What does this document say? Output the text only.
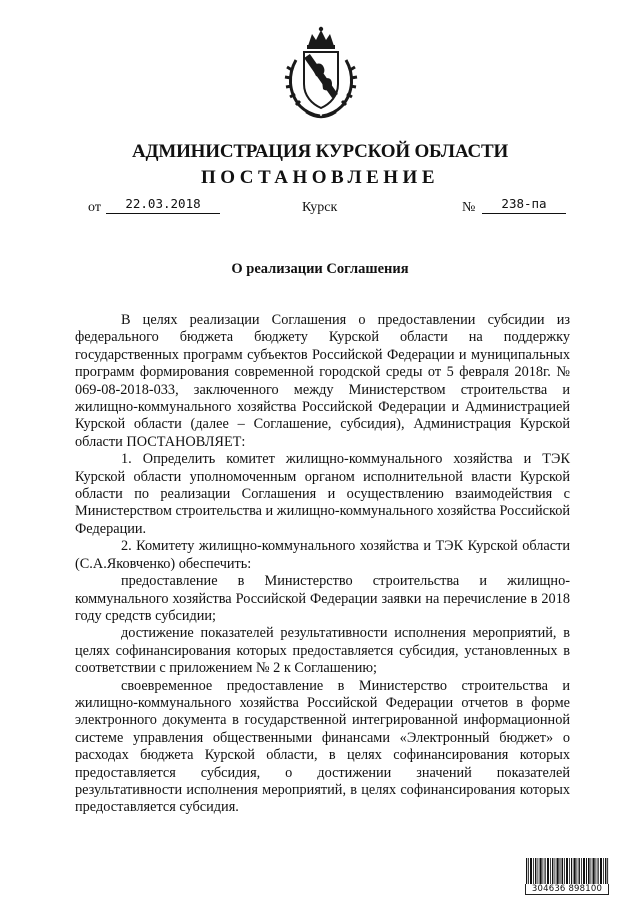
АДМИНИСТРАЦИЯ КУРСКОЙ ОБЛАСТИ
ПОСТАНОВЛЕНИЕ
от	22.03.2018	Курск	№	238-па
О реализации Соглашения

В целях реализации Соглашения о предоставлении субсидии из федерального бюджета бюджету Курской области на поддержку государственных программ субъектов Российской Федерации и муниципальных программ формирования современной городской среды от 5 февраля 2018г. № 069-08-2018-033, заключенного между Министерством строительства и жилищно-коммунального хозяйства Российской Федерации и Администрацией Курской области (далее – Соглашение, субсидия), Администрация Курской области ПОСТАНОВЛЯЕТ:

1. Определить комитет жилищно-коммунального хозяйства и ТЭК Курской области уполномоченным органом исполнительной власти Курской области по реализации Соглашения и осуществлению взаимодействия с Министерством строительства и жилищно-коммунального хозяйства Российской Федерации.

2. Комитету жилищно-коммунального хозяйства и ТЭК Курской области (С.А.Яковченко) обеспечить:

предоставление в Министерство строительства и жилищно-коммунального хозяйства Российской Федерации заявки на перечисление в 2018 году средств субсидии;

достижение показателей результативности исполнения мероприятий, в целях софинансирования которых предоставляется субсидия, установленных в соответствии с приложением № 2 к Соглашению;

своевременное предоставление в Министерство строительства и жилищно-коммунального хозяйства Российской Федерации отчетов в форме электронного документа в государственной интегрированной информационной системе управления общественными финансами «Электронный бюджет» о расходах бюджета Курской области, в целях софинансирования которых предоставляется субсидия, о достижении значений показателей результативности исполнения мероприятий, в целях софинансирования которых предоставляется субсидия.

304636 898100
